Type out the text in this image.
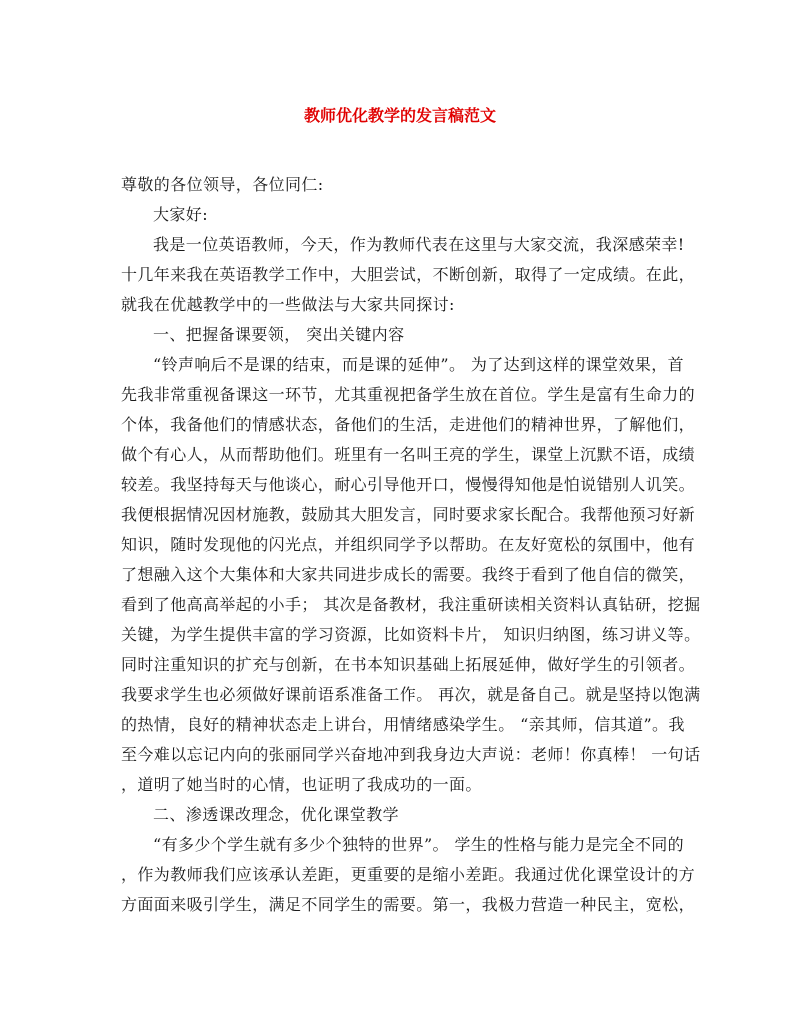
教师优化教学的发言稿范文
尊敬的各位领导，各位同仁:
大家好:
我是一位英语教师，今天，作为教师代表在这里与大家交流，我深感荣幸!
十几年来我在英语教学工作中，大胆尝试，不断创新，取得了一定成绩。在此，
就我在优越教学中的一些做法与大家共同探讨:
一、把握备课要领， 突出关键内容
“铃声响后不是课的结束，而是课的延伸”。 为了达到这样的课堂效果，首
先我非常重视备课这一环节，尤其重视把备学生放在首位。学生是富有生命力的
个体，我备他们的情感状态，备他们的生活，走进他们的精神世界，了解他们，
做个有心人，从而帮助他们。班里有一名叫王亮的学生，课堂上沉默不语，成绩
较差。我坚持每天与他谈心，耐心引导他开口，慢慢得知他是怕说错别人讥笑。
我便根据情况因材施教，鼓励其大胆发言，同时要求家长配合。我帮他预习好新
知识，随时发现他的闪光点，并组织同学予以帮助。在友好宽松的氛围中，他有
了想融入这个大集体和大家共同进步成长的需要。我终于看到了他自信的微笑，
看到了他高高举起的小手； 其次是备教材，我注重研读相关资料认真钻研，挖掘
关键，为学生提供丰富的学习资源，比如资料卡片， 知识归纳图，练习讲义等。
同时注重知识的扩充与创新，在书本知识基础上拓展延伸，做好学生的引领者。
我要求学生也必须做好课前语系准备工作。 再次，就是备自己。就是坚持以饱满
的热情，良好的精神状态走上讲台，用情绪感染学生。 “亲其师，信其道”。我
至今难以忘记内向的张丽同学兴奋地冲到我身边大声说：老师！你真棒！ 一句话
，道明了她当时的心情，也证明了我成功的一面。
二、渗透课改理念，优化课堂教学
“有多少个学生就有多少个独特的世界”。 学生的性格与能力是完全不同的
，作为教师我们应该承认差距，更重要的是缩小差距。我通过优化课堂设计的方
方面面来吸引学生，满足不同学生的需要。第一，我极力营造一种民主，宽松，
